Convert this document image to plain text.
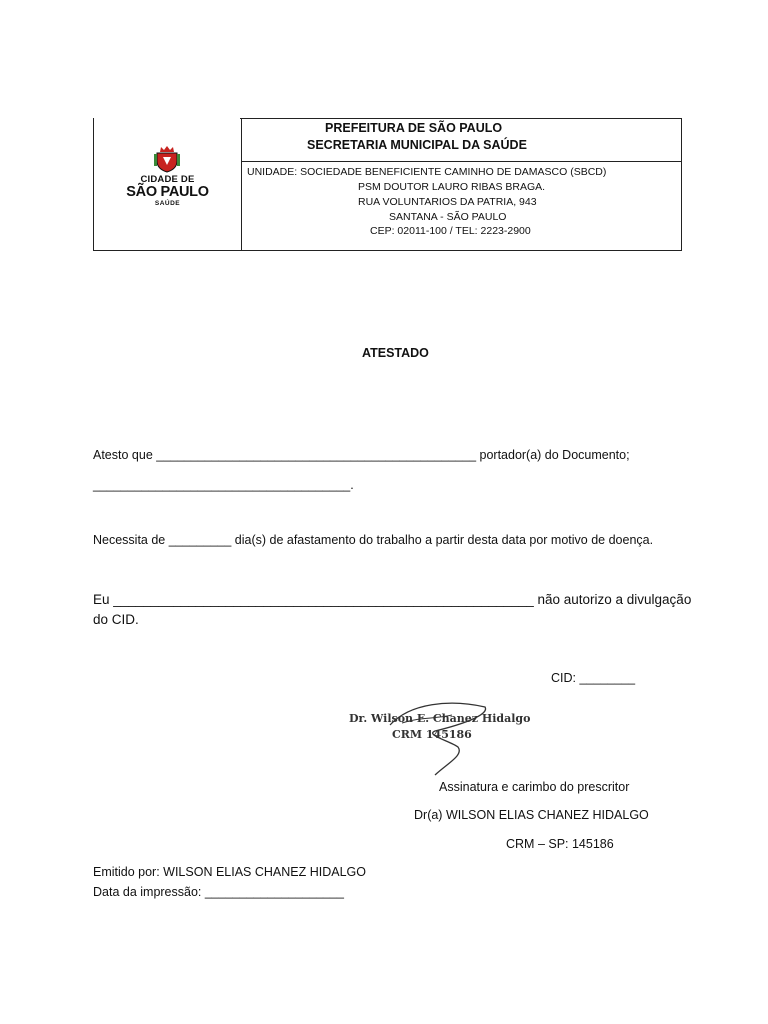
CIDADE DE
SÃO PAULO
SAÚDE
PREFEITURA DE SÃO PAULO
SECRETARIA MUNICIPAL DA SAÚDE
UNIDADE: SOCIEDADE BENEFICIENTE CAMINHO DE DAMASCO (SBCD)
PSM DOUTOR LAURO RIBAS BRAGA.
RUA VOLUNTARIOS DA PATRIA, 943
SANTANA - SÃO PAULO
CEP: 02011-100 / TEL: 2223-2900
ATESTADO
Atesto que ______________________________________________ portador(a) do Documento;
_____________________________________.
Necessita de _________ dia(s) de afastamento do trabalho a partir desta data por motivo de doença.
Eu ________________________________________________________ não autorizo a divulgação
do CID.
CID: ________
Dr. Wilson E. Chanez Hidalgo
CRM 145186
Assinatura e carimbo do prescritor
Dr(a) WILSON ELIAS CHANEZ HIDALGO
CRM – SP: 145186
Emitido por: WILSON ELIAS CHANEZ HIDALGO
Data da impressão: ____________________
